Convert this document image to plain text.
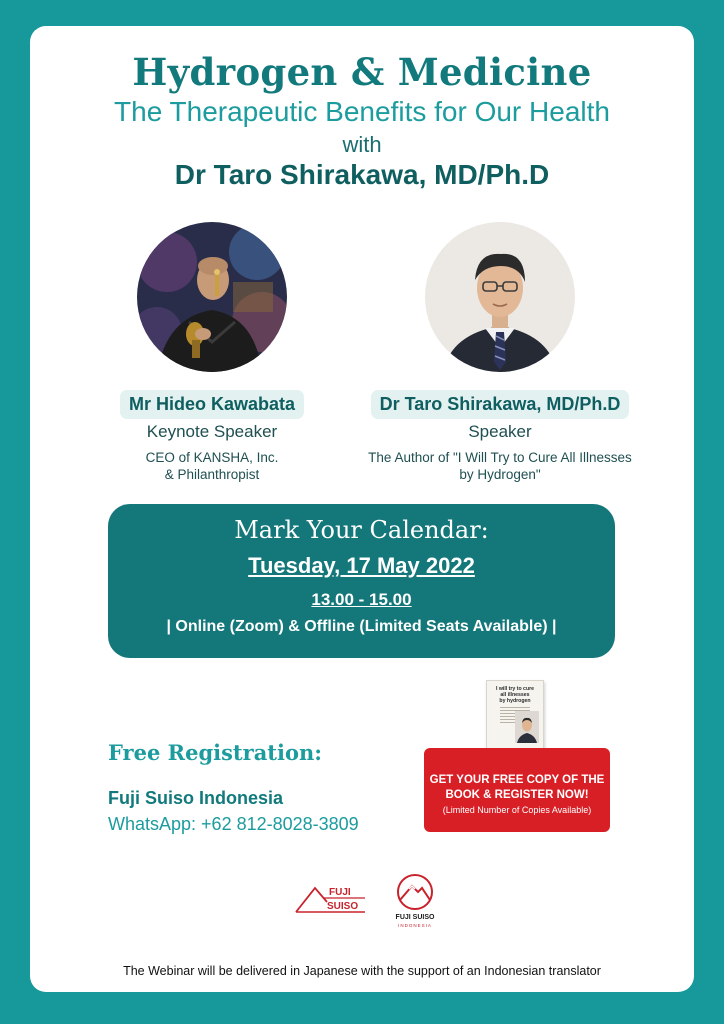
Hydrogen & Medicine
The Therapeutic Benefits for Our Health
with
Dr Taro Shirakawa, MD/Ph.D
Mr Hideo Kawabata
Keynote Speaker
CEO of KANSHA, Inc.
& Philanthropist
Dr Taro Shirakawa, MD/Ph.D
Speaker
The Author of "I Will Try to Cure All Illnesses
by Hydrogen"
Mark Your Calendar:
Tuesday, 17 May 2022
13.00 - 15.00
| Online (Zoom) & Offline (Limited Seats Available) |
Free Registration:
Fuji Suiso Indonesia
WhatsApp: +62 812-8028-3809
I will try to cure
all illnesses
by hydrogen
GET YOUR FREE COPY OF THE
BOOK & REGISTER NOW!
(Limited Number of Copies Available)
FUJI
SUISO
FUJI SUISO
INDONESIA
The Webinar will be delivered in Japanese with the support of an Indonesian translator
